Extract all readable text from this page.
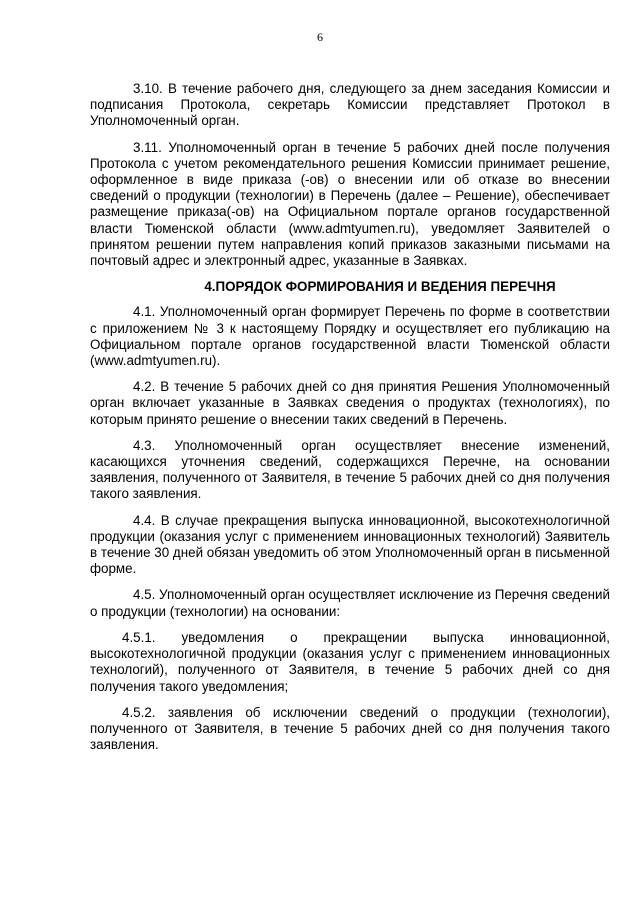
6

3.10. В течение рабочего дня, следующего за днем заседания Комиссии и подписания Протокола, секретарь Комиссии представляет Протокол в Уполномоченный орган.

3.11. Уполномоченный орган в течение 5 рабочих дней после получения Протокола с учетом рекомендательного решения Комиссии принимает решение, оформленное в виде приказа (-ов) о внесении или об отказе во внесении сведений о продукции (технологии) в Перечень (далее – Решение), обеспечивает размещение приказа(-ов) на Официальном портале органов государственной власти Тюменской области (www.admtyumen.ru), уведомляет Заявителей о принятом решении путем направления копий приказов заказными письмами на почтовый адрес и электронный адрес, указанные в Заявках.

4.ПОРЯДОК ФОРМИРОВАНИЯ И ВЕДЕНИЯ ПЕРЕЧНЯ

4.1. Уполномоченный орган формирует Перечень по форме в соответствии с приложением № 3 к настоящему Порядку и осуществляет его публикацию на Официальном портале органов государственной власти Тюменской области (www.admtyumen.ru).

4.2. В течение 5 рабочих дней со дня принятия Решения Уполномоченный орган включает указанные в Заявках сведения о продуктах (технологиях), по которым принято решение о внесении таких сведений в Перечень.

4.3. Уполномоченный орган осуществляет внесение изменений, касающихся уточнения сведений, содержащихся Перечне, на основании заявления, полученного от Заявителя, в течение 5 рабочих дней со дня получения такого заявления.

4.4. В случае прекращения выпуска инновационной, высокотехнологичной продукции (оказания услуг с применением инновационных технологий) Заявитель в течение 30 дней обязан уведомить об этом Уполномоченный орган в письменной форме.

4.5. Уполномоченный орган осуществляет исключение из Перечня сведений о продукции (технологии) на основании:

4.5.1. уведомления о прекращении выпуска инновационной, высокотехнологичной продукции (оказания услуг с применением инновационных технологий), полученного от Заявителя, в течение 5 рабочих дней со дня получения такого уведомления;

4.5.2. заявления об исключении сведений о продукции (технологии), полученного от Заявителя, в течение 5 рабочих дней со дня получения такого заявления.
